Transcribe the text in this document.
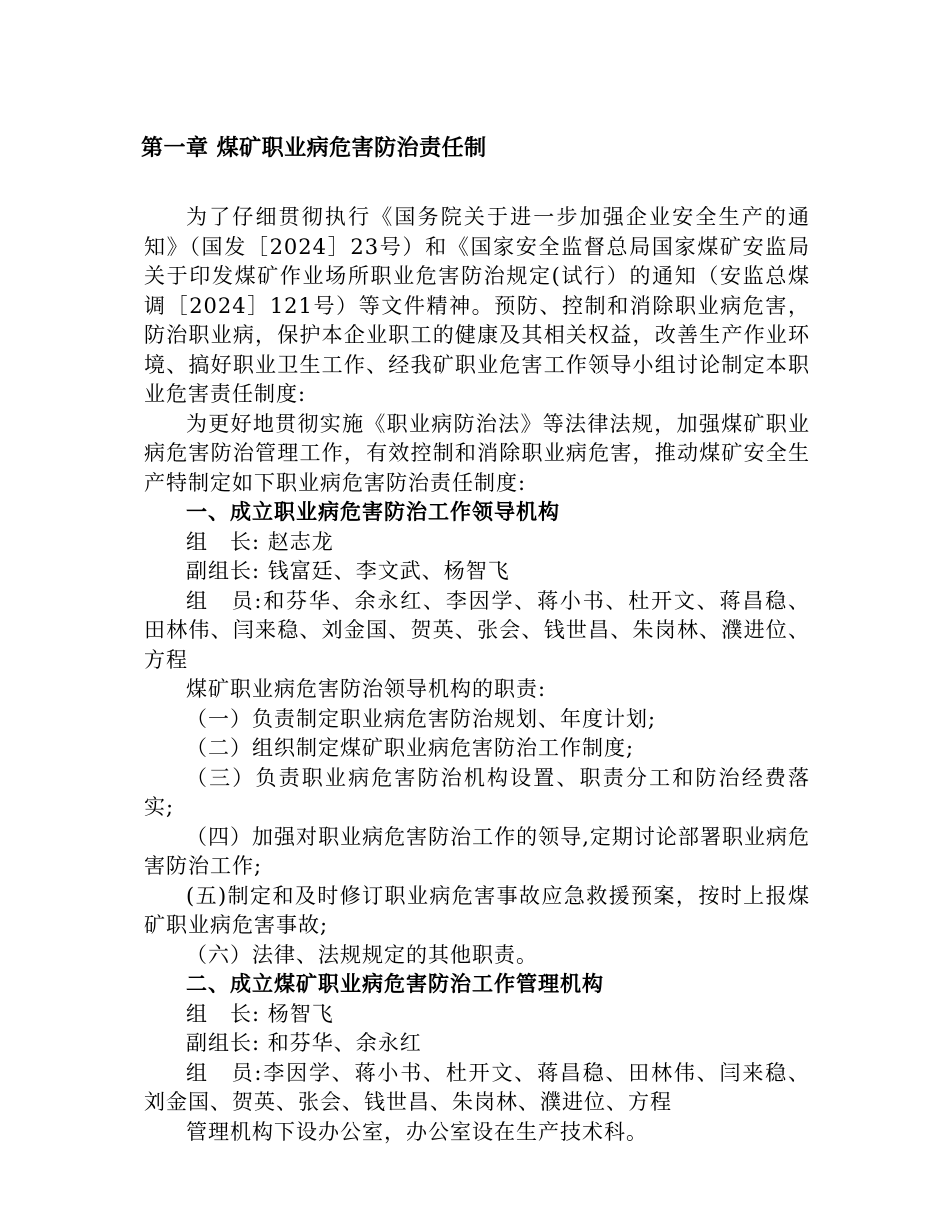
第一章 煤矿职业病危害防治责任制

为了仔细贯彻执行《国务院关于进一步加强企业安全生产的通知》（国发［2024］23号）和《国家安全监督总局国家煤矿安监局关于印发煤矿作业场所职业危害防治规定(试行）的通知（安监总煤调［2024］121号）等文件精神。预防、控制和消除职业病危害，防治职业病，保护本企业职工的健康及其相关权益，改善生产作业环境、搞好职业卫生工作、经我矿职业危害工作领导小组讨论制定本职业危害责任制度:

为更好地贯彻实施《职业病防治法》等法律法规，加强煤矿职业病危害防治管理工作，有效控制和消除职业病危害，推动煤矿安全生产特制定如下职业病危害防治责任制度:

一、成立职业病危害防治工作领导机构

组　长: 赵志龙

副组长: 钱富廷、李文武、杨智飞

组　员:和芬华、余永红、李因学、蒋小书、杜开文、蒋昌稳、田林伟、闫来稳、刘金国、贺英、张会、钱世昌、朱岗林、濮进位、方程

煤矿职业病危害防治领导机构的职责:

（一）负责制定职业病危害防治规划、年度计划;

（二）组织制定煤矿职业病危害防治工作制度;

（三）负责职业病危害防治机构设置、职责分工和防治经费落实;

（四）加强对职业病危害防治工作的领导,定期讨论部署职业病危害防治工作;

(五)制定和及时修订职业病危害事故应急救援预案，按时上报煤矿职业病危害事故;

（六）法律、法规规定的其他职责。

二、成立煤矿职业病危害防治工作管理机构

组　长: 杨智飞

副组长: 和芬华、余永红

组　员:李因学、蒋小书、杜开文、蒋昌稳、田林伟、闫来稳、刘金国、贺英、张会、钱世昌、朱岗林、濮进位、方程

管理机构下设办公室，办公室设在生产技术科。
